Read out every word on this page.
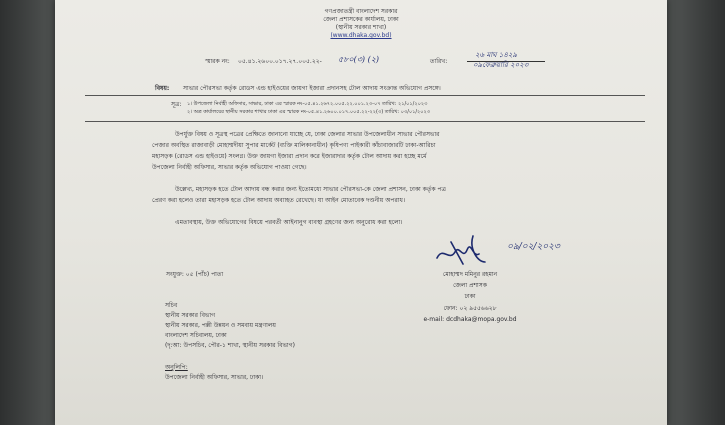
গণপ্রজাতন্ত্রী বাংলাদেশ সরকার
জেলা প্রশাসকের কার্যালয়, ঢাকা
(স্থানীয় সরকার শাখা)
(www.dhaka.gov.bd)
স্মারক নং: ০৫.৪১.২৬০০.০১৭.২৭.০০৫.২২- ৫৮০(৩) (২)	তারিখ:
২৬ মাঘ ১৪২৯
০৯ফেব্রুয়ারি ২০২৩
বিষয়: সাভার পৌরসভা কর্তৃক রোডস এন্ড হাইওয়ের জায়গা ইজারা প্রদানসহ টোল আদায় সংক্রান্ত অভিযোগ প্রসঙ্গে।
সূত্র: ১। উপজেলা নির্বাহী অফিসার, সাভার, ঢাকা এর স্মারক নং-০৫.৪১.২৬৭২.০০৫.২২.০০১.২৩-০৭ তারিখ: ২১/০১/২০২৩
২। অত্র কার্যালয়ের স্থানীয় সরকার শাখার ঢাকা এর স্মারক নং-০৫.৪১.২৬০০.০১৭.০০৫.২২-২২(৩) তারিখ: ০৩/০১/২০২৩
উপর্যুক্ত বিষয় ও সূত্রস্থ পত্রের প্রেক্ষিতে জানানো যাচ্ছে যে, ঢাকা জেলার সাভার উপজেলাধীন সাভার পৌরসভার
পেজার অবস্থিত রাজাবাড়ী মোহাম্মদীয়া সুপার মার্কেট (ব্যক্তি মালিকানাধীন) কৃষিপণ্য পাইকারী কাঁচাবাজারটি ঢাকা-আরিচা
মহাসড়ক (রোডস এন্ড হাইওয়ে) সংলগ্ন। উক্ত জায়গা ইজারা প্রদান করে ইজারাদার কর্তৃক টোল আদায় করা হচ্ছে মর্মে
উপজেলা নির্বাহী অফিসার, সাভার কর্তৃক অভিযোগ পাওয়া গেছে।
উল্লেখ্য, মহাসড়ক হতে টোল আদায় বন্ধ করার জন্য ইতোমধ্যে সাভার পৌরসভা-কে জেলা প্রশাসন, ঢাকা কর্তৃক পত্র
প্রেরণ করা হলেও তারা মহাসড়ক হতে টোল আদায় অব্যাহত রেখেছে। যা আইন মোতাবেক দণ্ডনীয় অপরাধ।
এমতাবস্থায়, উক্ত অভিযোগের বিষয়ে পরবর্তী আইনানুগ ব্যবস্থা গ্রহণের জন্য অনুরোধ করা হলো।
০৯/০২/২০২৩
মোহাম্মদ মমিনুর রহমান
জেলা প্রশাসক
ঢাকা
ফোন: ০২ ৯৫৫৬৬২৮
e-mail: dcdhaka@mopa.gov.bd
সংযুক্ত: ০৫ (পাঁচ) পাতা
সচিব
স্থানীয় সরকার বিভাগ
স্থানীয় সরকার, পল্লী উন্নয়ন ও সমবায় মন্ত্রণালয়
বাংলাদেশ সচিবালয়, ঢাকা
(দৃ:আ: উপসচিব, পৌর-১ শাখা, স্থানীয় সরকার বিভাগ)
অনুলিপি:
উপজেলা নির্বাহী অফিসার, সাভার, ঢাকা।
